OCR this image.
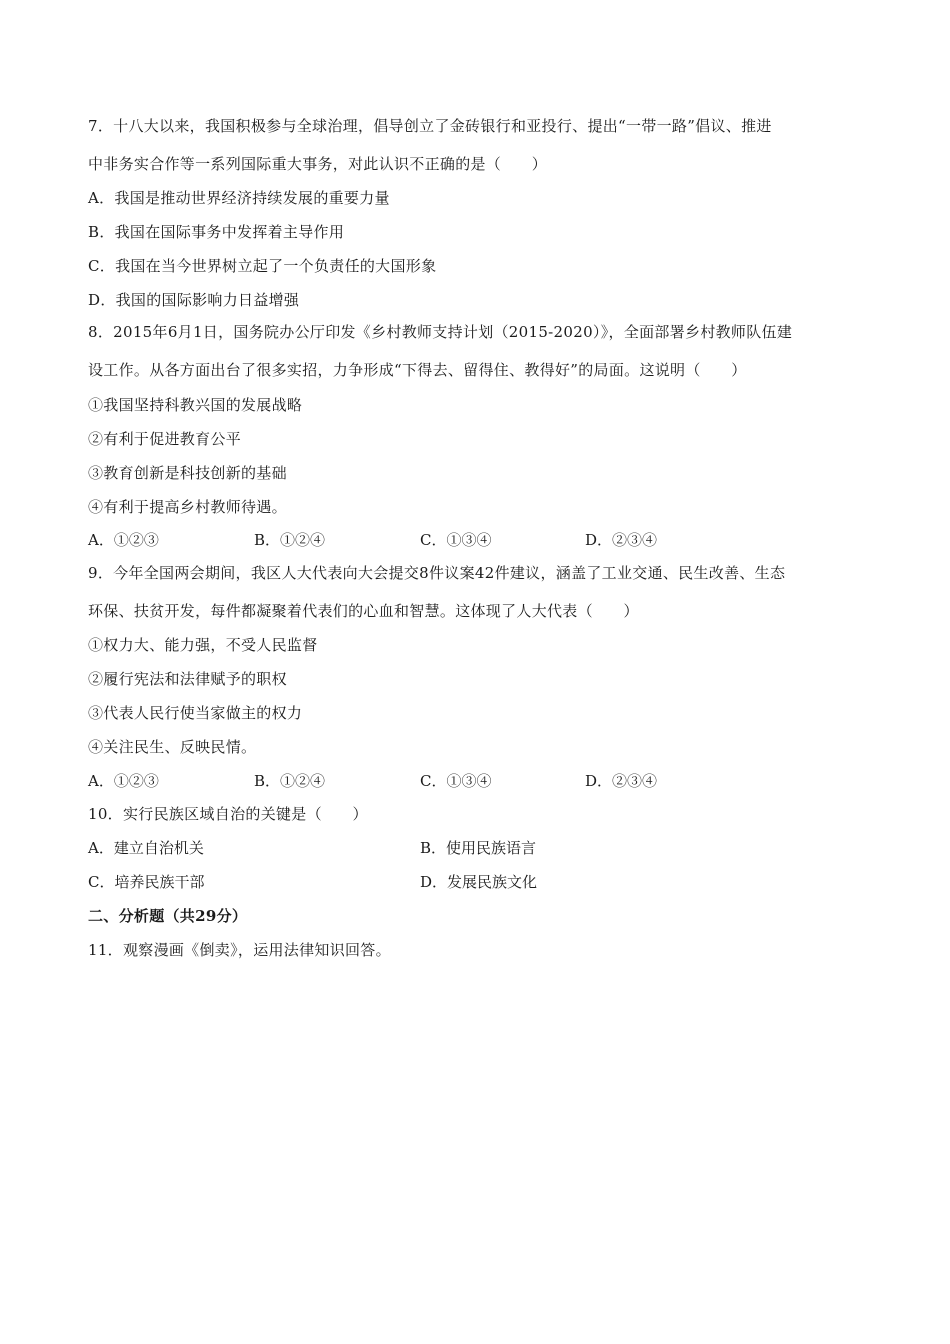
7．十八大以来，我国积极参与全球治理，倡导创立了金砖银行和亚投行、提出“一带一路”倡议、推进
中非务实合作等一系列国际重大事务，对此认识不正确的是（　　）
A．我国是推动世界经济持续发展的重要力量
B．我国在国际事务中发挥着主导作用
C．我国在当今世界树立起了一个负责任的大国形象
D．我国的国际影响力日益增强
8．2015年6月1日，国务院办公厅印发《乡村教师支持计划（2015-2020）》，全面部署乡村教师队伍建
设工作。从各方面出台了很多实招，力争形成“下得去、留得住、教得好”的局面。这说明（　　）
①我国坚持科教兴国的发展战略
②有利于促进教育公平
③教育创新是科技创新的基础
④有利于提高乡村教师待遇。
A．①②③	B．①②④	C．①③④	D．②③④
9．今年全国两会期间，我区人大代表向大会提交8件议案42件建议，涵盖了工业交通、民生改善、生态
环保、扶贫开发，每件都凝聚着代表们的心血和智慧。这体现了人大代表（　　）
①权力大、能力强，不受人民监督
②履行宪法和法律赋予的职权
③代表人民行使当家做主的权力
④关注民生、反映民情。
A．①②③	B．①②④	C．①③④	D．②③④
10．实行民族区域自治的关键是（　　）
A．建立自治机关	B．使用民族语言
C．培养民族干部	D．发展民族文化
二、分析题（共29分）
11．观察漫画《倒卖》，运用法律知识回答。
